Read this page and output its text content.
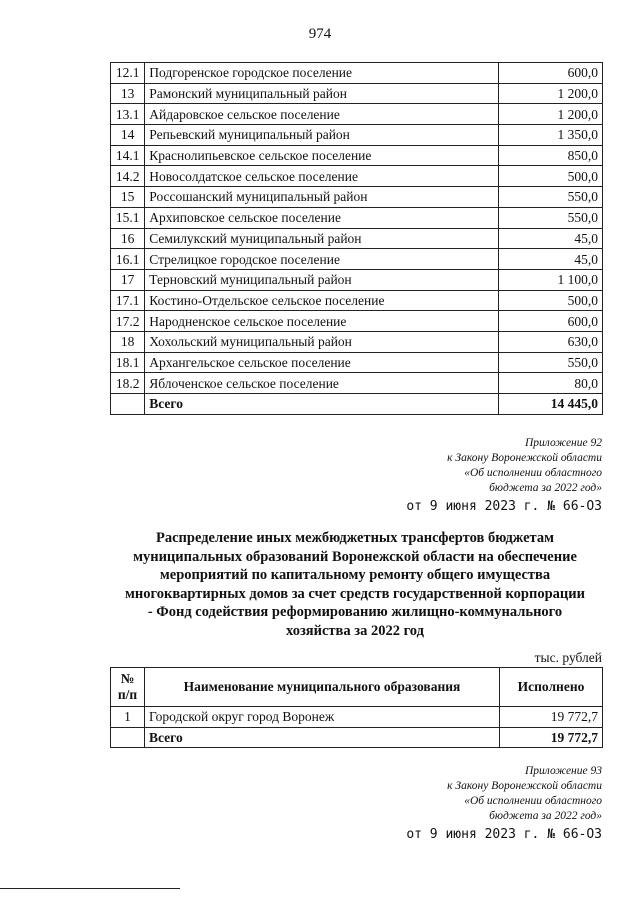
974
12.1	Подгоренское городское поселение	600,0
13	Рамонский муниципальный район	1 200,0
13.1	Айдаровское сельское поселение	1 200,0
14	Репьевский муниципальный район	1 350,0
14.1	Краснолипьевское сельское поселение	850,0
14.2	Новосолдатское сельское поселение	500,0
15	Россошанский муниципальный район	550,0
15.1	Архиповское сельское поселение	550,0
16	Семилукский муниципальный район	45,0
16.1	Стрелицкое городское поселение	45,0
17	Терновский муниципальный район	1 100,0
17.1	Костино-Отдельское сельское поселение	500,0
17.2	Народненское сельское поселение	600,0
18	Хохольский муниципальный район	630,0
18.1	Архангельское сельское поселение	550,0
18.2	Яблоченское сельское поселение	80,0
	Всего	14 445,0
Приложение 92
к Закону Воронежской области
«Об исполнении областного
бюджета за 2022 год»
от 9 июня 2023 г. № 66-ОЗ
Распределение иных межбюджетных трансфертов бюджетам
муниципальных образований Воронежской области на обеспечение
мероприятий по капитальному ремонту общего имущества
многоквартирных домов за счет средств государственной корпорации
- Фонд содействия реформированию жилищно-коммунального
хозяйства за 2022 год
тыс. рублей
№
п/п	Наименование муниципального образования	Исполнено
1	Городской округ город Воронеж	19 772,7
	Всего	19 772,7
Приложение 93
к Закону Воронежской области
«Об исполнении областного
бюджета за 2022 год»
от 9 июня 2023 г. № 66-ОЗ
